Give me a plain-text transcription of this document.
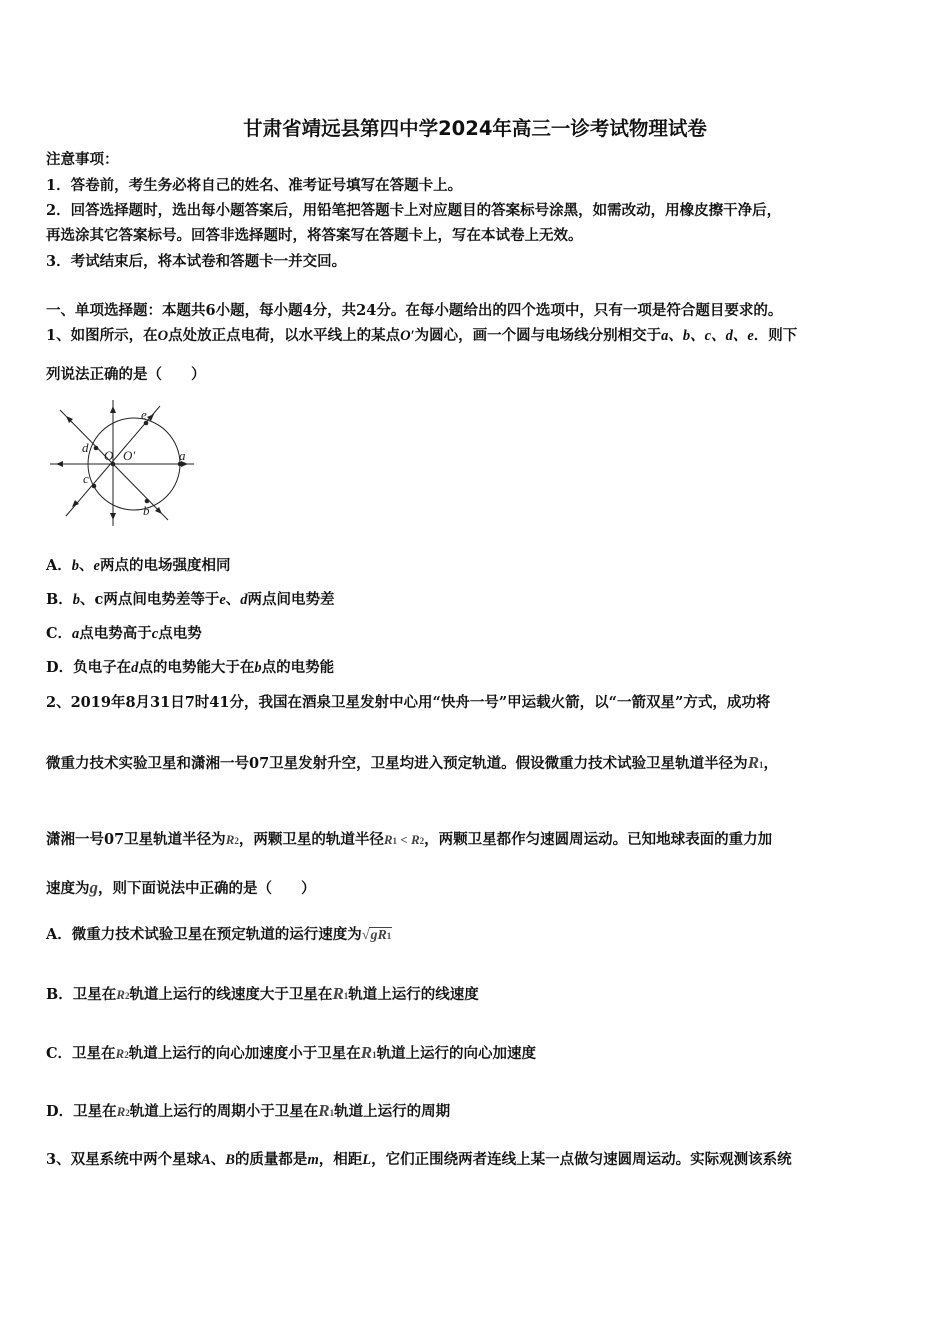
甘肃省靖远县第四中学2024年高三一诊考试物理试卷
注意事项：
1．答卷前，考生务必将自己的姓名、准考证号填写在答题卡上。
2．回答选择题时，选出每小题答案后，用铅笔把答题卡上对应题目的答案标号涂黑，如需改动，用橡皮擦干净后，
再选涂其它答案标号。回答非选择题时，将答案写在答题卡上，写在本试卷上无效。
3．考试结束后，将本试卷和答题卡一并交回。
一、单项选择题：本题共6小题，每小题4分，共24分。在每小题给出的四个选项中，只有一项是符合题目要求的。
1、如图所示，在O点处放正点电荷，以水平线上的某点O′为圆心，画一个圆与电场线分别相交于a、b、c、d、e．则下
列说法正确的是（　　）
e
d
O O′	a
c
b
A．b、e两点的电场强度相同
B．b、c两点间电势差等于e、d两点间电势差
C．a点电势高于c点电势
D．负电子在d点的电势能大于在b点的电势能
2、2019年8月31日7时41分，我国在酒泉卫星发射中心用“快舟一号”甲运载火箭，以“一箭双星”方式，成功将
微重力技术实验卫星和潇湘一号07卫星发射升空，卫星均进入预定轨道。假设微重力技术试验卫星轨道半径为R1，
潇湘一号07卫星轨道半径为R2，两颗卫星的轨道半径R1 < R2，两颗卫星都作匀速圆周运动。已知地球表面的重力加
速度为g，则下面说法中正确的是（　　）
A．微重力技术试验卫星在预定轨道的运行速度为√gR1
B．卫星在R2轨道上运行的线速度大于卫星在R1轨道上运行的线速度
C．卫星在R2轨道上运行的向心加速度小于卫星在R1轨道上运行的向心加速度
D．卫星在R2轨道上运行的周期小于卫星在R1轨道上运行的周期
3、双星系统中两个星球A、B的质量都是m，相距L，它们正围绕两者连线上某一点做匀速圆周运动。实际观测该系统
